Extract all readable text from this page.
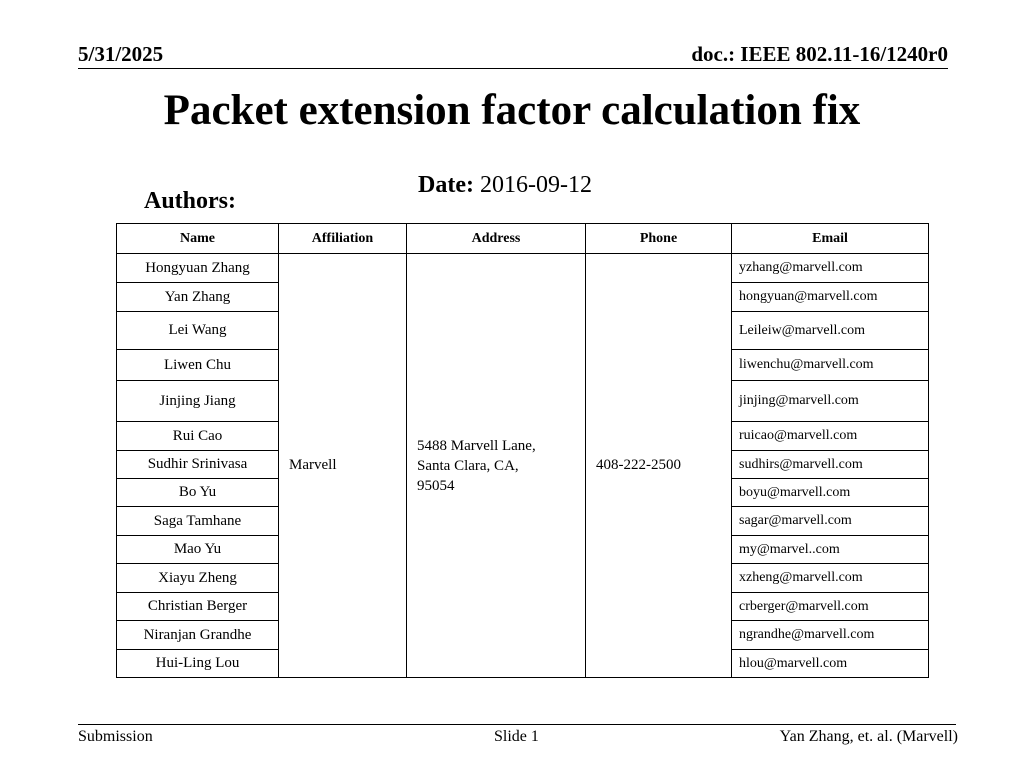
5/31/2025	doc.: IEEE 802.11-16/1240r0
Packet extension factor calculation fix
Date: 2016-09-12
Authors:
Name	Affiliation	Address	Phone	Email
Hongyuan Zhang	Marvell	5488 Marvell Lane, Santa Clara, CA, 95054	408-222-2500	yzhang@marvell.com
Yan Zhang				hongyuan@marvell.com
Lei Wang				Leileiw@marvell.com
Liwen Chu				liwenchu@marvell.com
Jinjing Jiang				jinjing@marvell.com
Rui Cao				ruicao@marvell.com
Sudhir Srinivasa				sudhirs@marvell.com
Bo Yu				boyu@marvell.com
Saga Tamhane				sagar@marvell.com
Mao Yu				my@marvel..com
Xiayu Zheng				xzheng@marvell.com
Christian Berger				crberger@marvell.com
Niranjan Grandhe				ngrandhe@marvell.com
Hui-Ling Lou				hlou@marvell.com
Submission	Slide 1	Yan Zhang, et. al. (Marvell)
